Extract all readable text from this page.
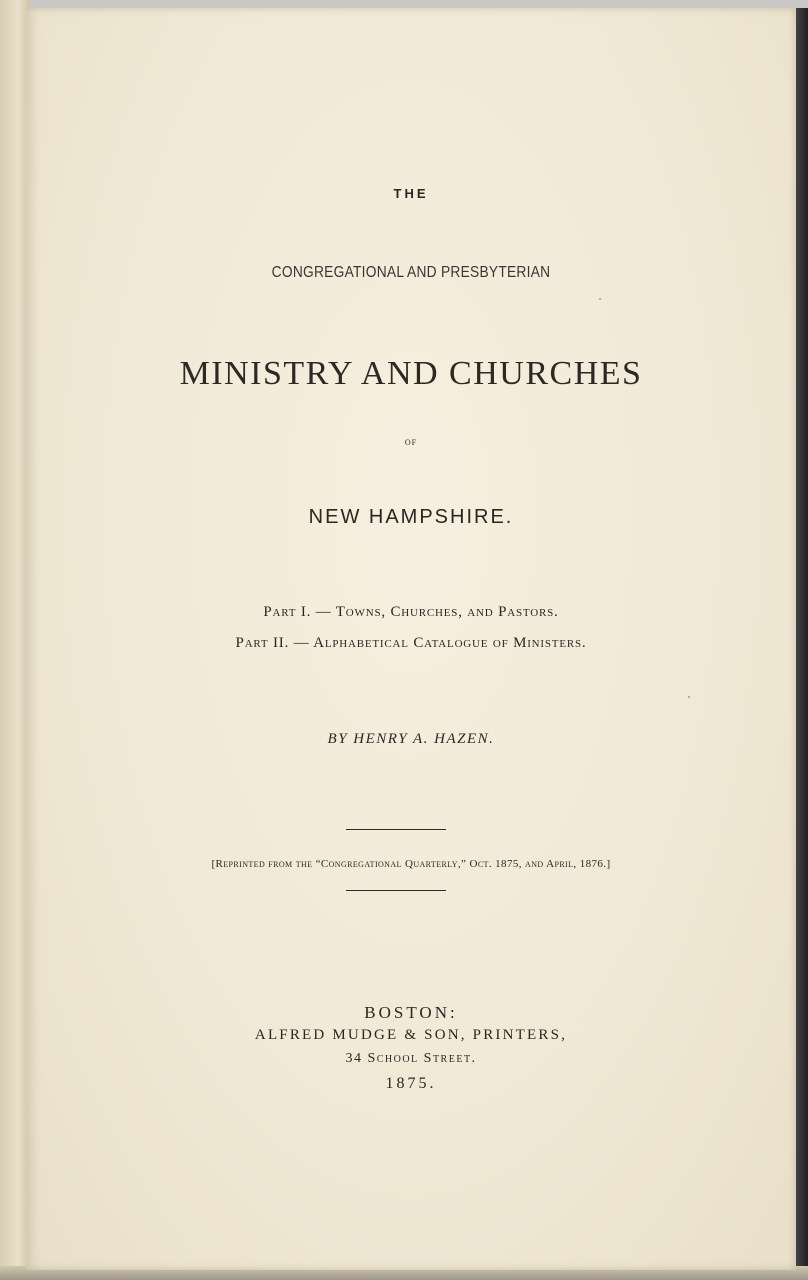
THE

CONGREGATIONAL AND PRESBYTERIAN

MINISTRY AND CHURCHES

OF

NEW HAMPSHIRE.

Part I. — Towns, Churches, and Pastors.

Part II. — Alphabetical Catalogue of Ministers.

BY HENRY A. HAZEN.

[Reprinted from the “Congregational Quarterly,” Oct. 1875, and April, 1876.]

BOSTON:

ALFRED MUDGE & SON, PRINTERS,

34 School Street.

1875.
